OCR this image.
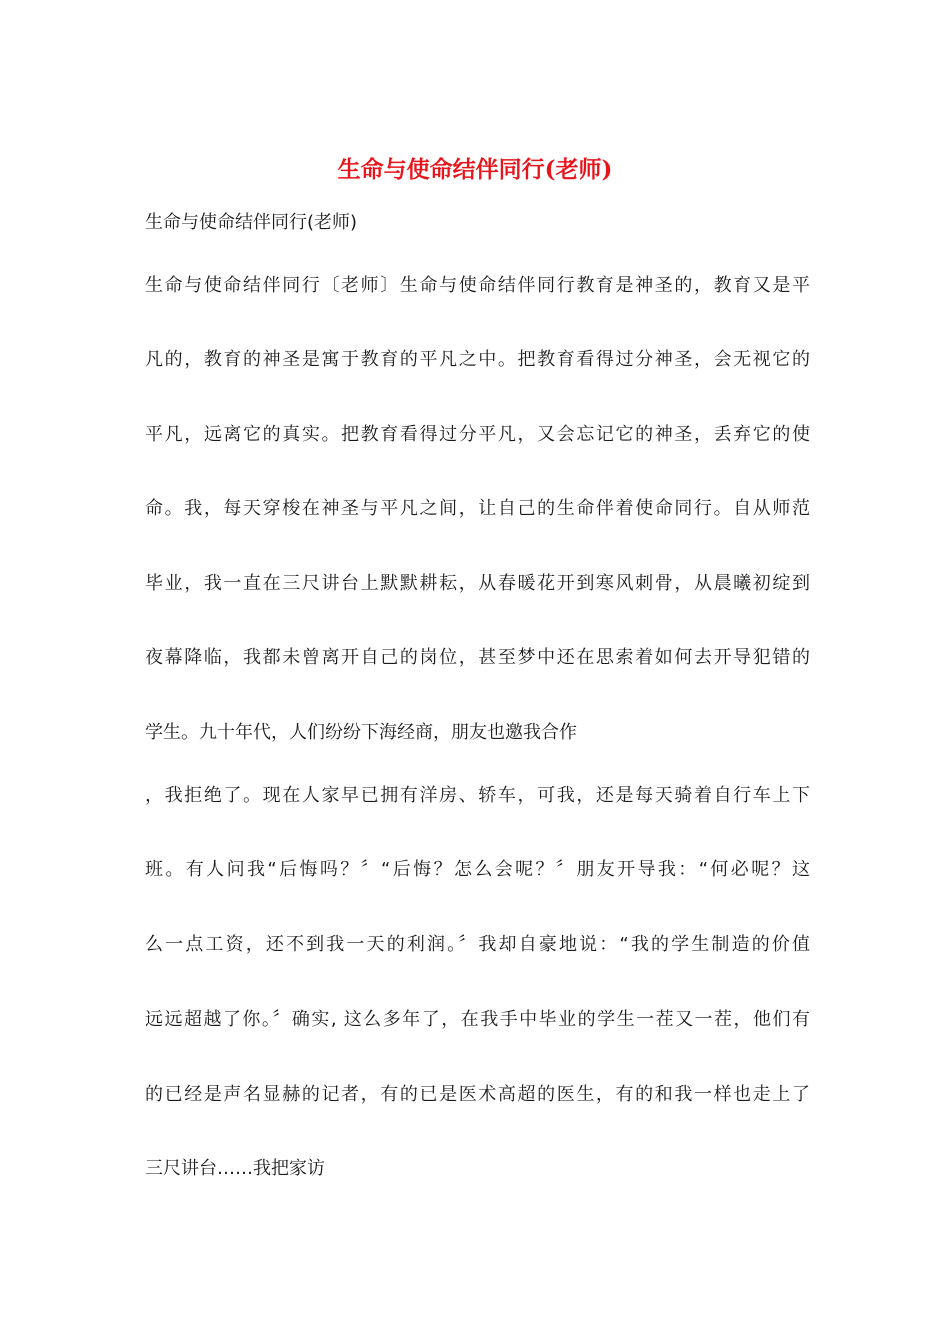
生命与使命结伴同行(老师)

生命与使命结伴同行(老师)

生命与使命结伴同行〔老师〕生命与使命结伴同行教育是神圣的，教育又是平

凡的，教育的神圣是寓于教育的平凡之中。把教育看得过分神圣，会无视它的

平凡，远离它的真实。把教育看得过分平凡，又会忘记它的神圣，丢弃它的使

命。我，每天穿梭在神圣与平凡之间，让自己的生命伴着使命同行。自从师范

毕业，我一直在三尺讲台上默默耕耘，从春暖花开到寒风刺骨，从晨曦初绽到

夜幕降临，我都未曾离开自己的岗位，甚至梦中还在思索着如何去开导犯错的

学生。九十年代，人们纷纷下海经商，朋友也邀我合作

，我拒绝了。现在人家早已拥有洋房、轿车，可我，还是每天骑着自行车上下

班。有人问我“后悔吗？〞“后悔？怎么会呢？〞朋友开导我：“何必呢？这

么一点工资，还不到我一天的利润。〞我却自豪地说：“我的学生制造的价值

远远超越了你。〞确实, 这么多年了，在我手中毕业的学生一茬又一茬，他们有

的已经是声名显赫的记者，有的已是医术高超的医生，有的和我一样也走上了

三尺讲台……我把家访
